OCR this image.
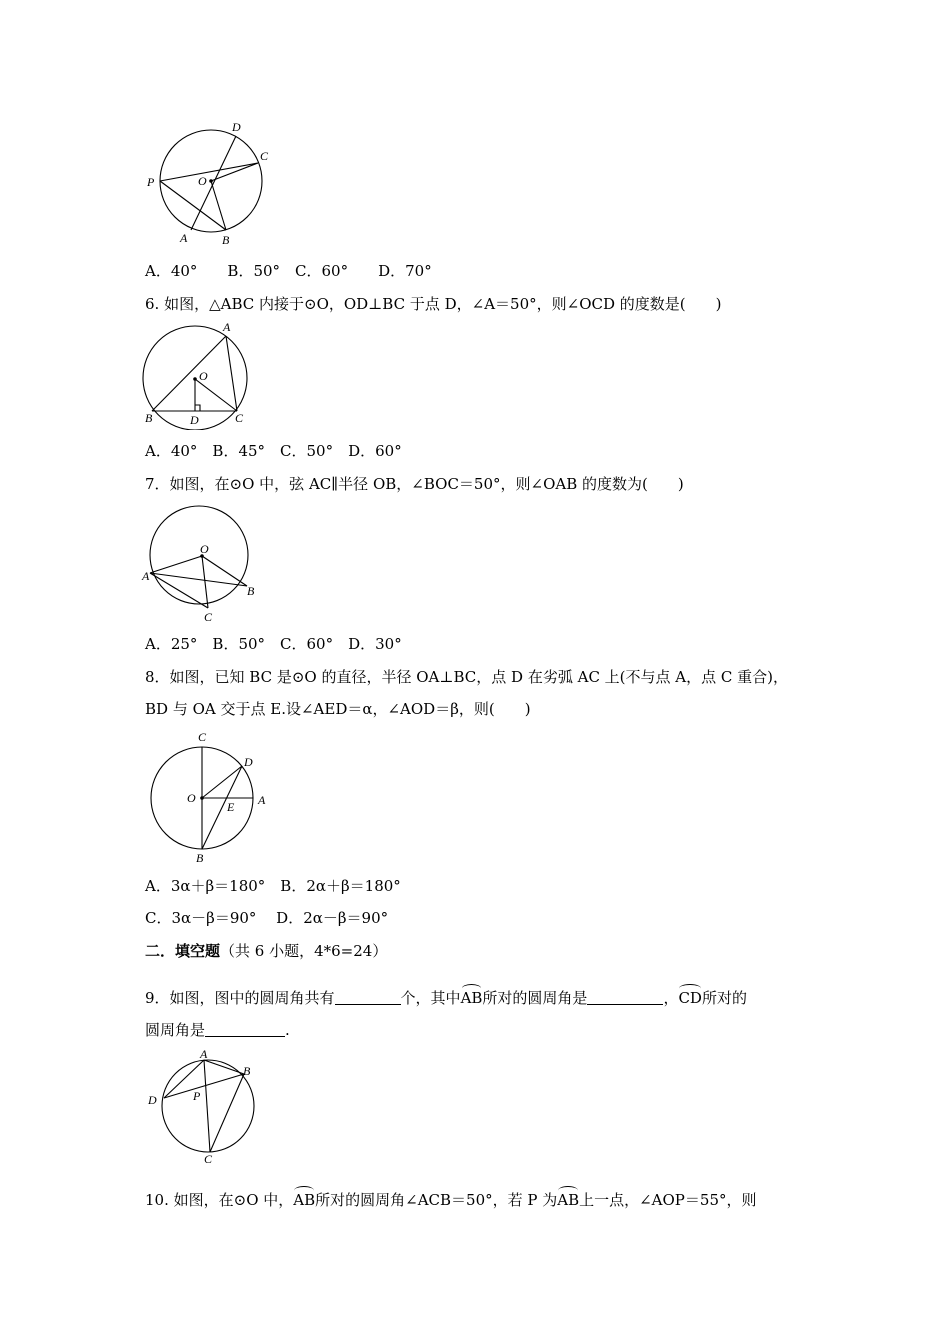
D
C
P	O
A	B
A．40°　　B．50°　C．60°　　D．70°
6. 如图，△ABC 内接于⊙O，OD⊥BC 于点 D，∠A＝50°，则∠OCD 的度数是(　　)
A
O
B	D	C
A．40°　B．45°　C．50°　D．60°
7．如图，在⊙O 中，弦 AC∥半径 OB，∠BOC＝50°，则∠OAB 的度数为(　　)
O
A
B
C
A．25°　B．50°　C．60°　D．30°
8．如图，已知 BC 是⊙O 的直径，半径 OA⊥BC，点 D 在劣弧 AC 上(不与点 A，点 C 重合)，
BD 与 OA 交于点 E.设∠AED＝α，∠AOD＝β，则(　　)
C
D
O
E A
B
A．3α＋β＝180°　B．2α＋β＝180°
C．3α－β＝90°　 D．2α－β＝90°
二．填空题（共 6 小题，4*6=24）
9．如图，图中的圆周角共有	个，其中AB所对的圆周角是	，CD所对的
圆周角是	.
A
B
D	P
C
10. 如图，在⊙O 中，AB所对的圆周角∠ACB＝50°，若 P 为AB上一点，∠AOP＝55°，则
